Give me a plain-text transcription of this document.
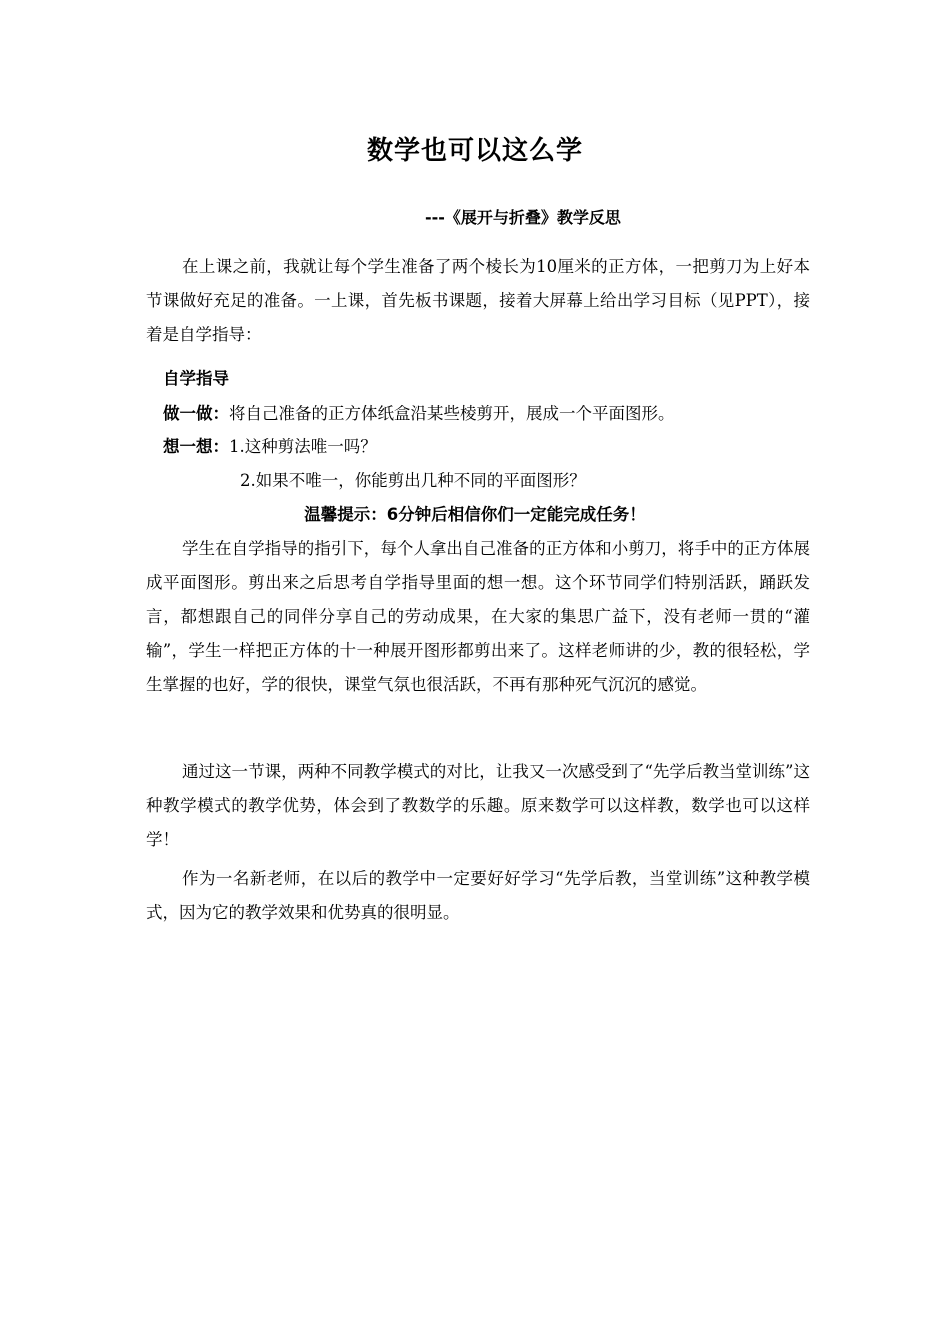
数学也可以这么学
---《展开与折叠》教学反思

在上课之前，我就让每个学生准备了两个棱长为10厘米的正方体，一把剪刀为上好本节课做好充足的准备。一上课，首先板书课题，接着大屏幕上给出学习目标（见PPT），接着是自学指导：

自学指导
做一做：将自己准备的正方体纸盒沿某些棱剪开，展成一个平面图形。
想一想：1.这种剪法唯一吗？
2.如果不唯一，你能剪出几种不同的平面图形？
温馨提示：6分钟后相信你们一定能完成任务！

学生在自学指导的指引下，每个人拿出自己准备的正方体和小剪刀，将手中的正方体展成平面图形。剪出来之后思考自学指导里面的想一想。这个环节同学们特别活跃，踊跃发言，都想跟自己的同伴分享自己的劳动成果，在大家的集思广益下，没有老师一贯的“灌输”，学生一样把正方体的十一种展开图形都剪出来了。这样老师讲的少，教的很轻松，学生掌握的也好，学的很快，课堂气氛也很活跃，不再有那种死气沉沉的感觉。

通过这一节课，两种不同教学模式的对比，让我又一次感受到了“先学后教当堂训练”这种教学模式的教学优势，体会到了教数学的乐趣。原来数学可以这样教，数学也可以这样学！

作为一名新老师，在以后的教学中一定要好好学习“先学后教，当堂训练”这种教学模式，因为它的教学效果和优势真的很明显。
